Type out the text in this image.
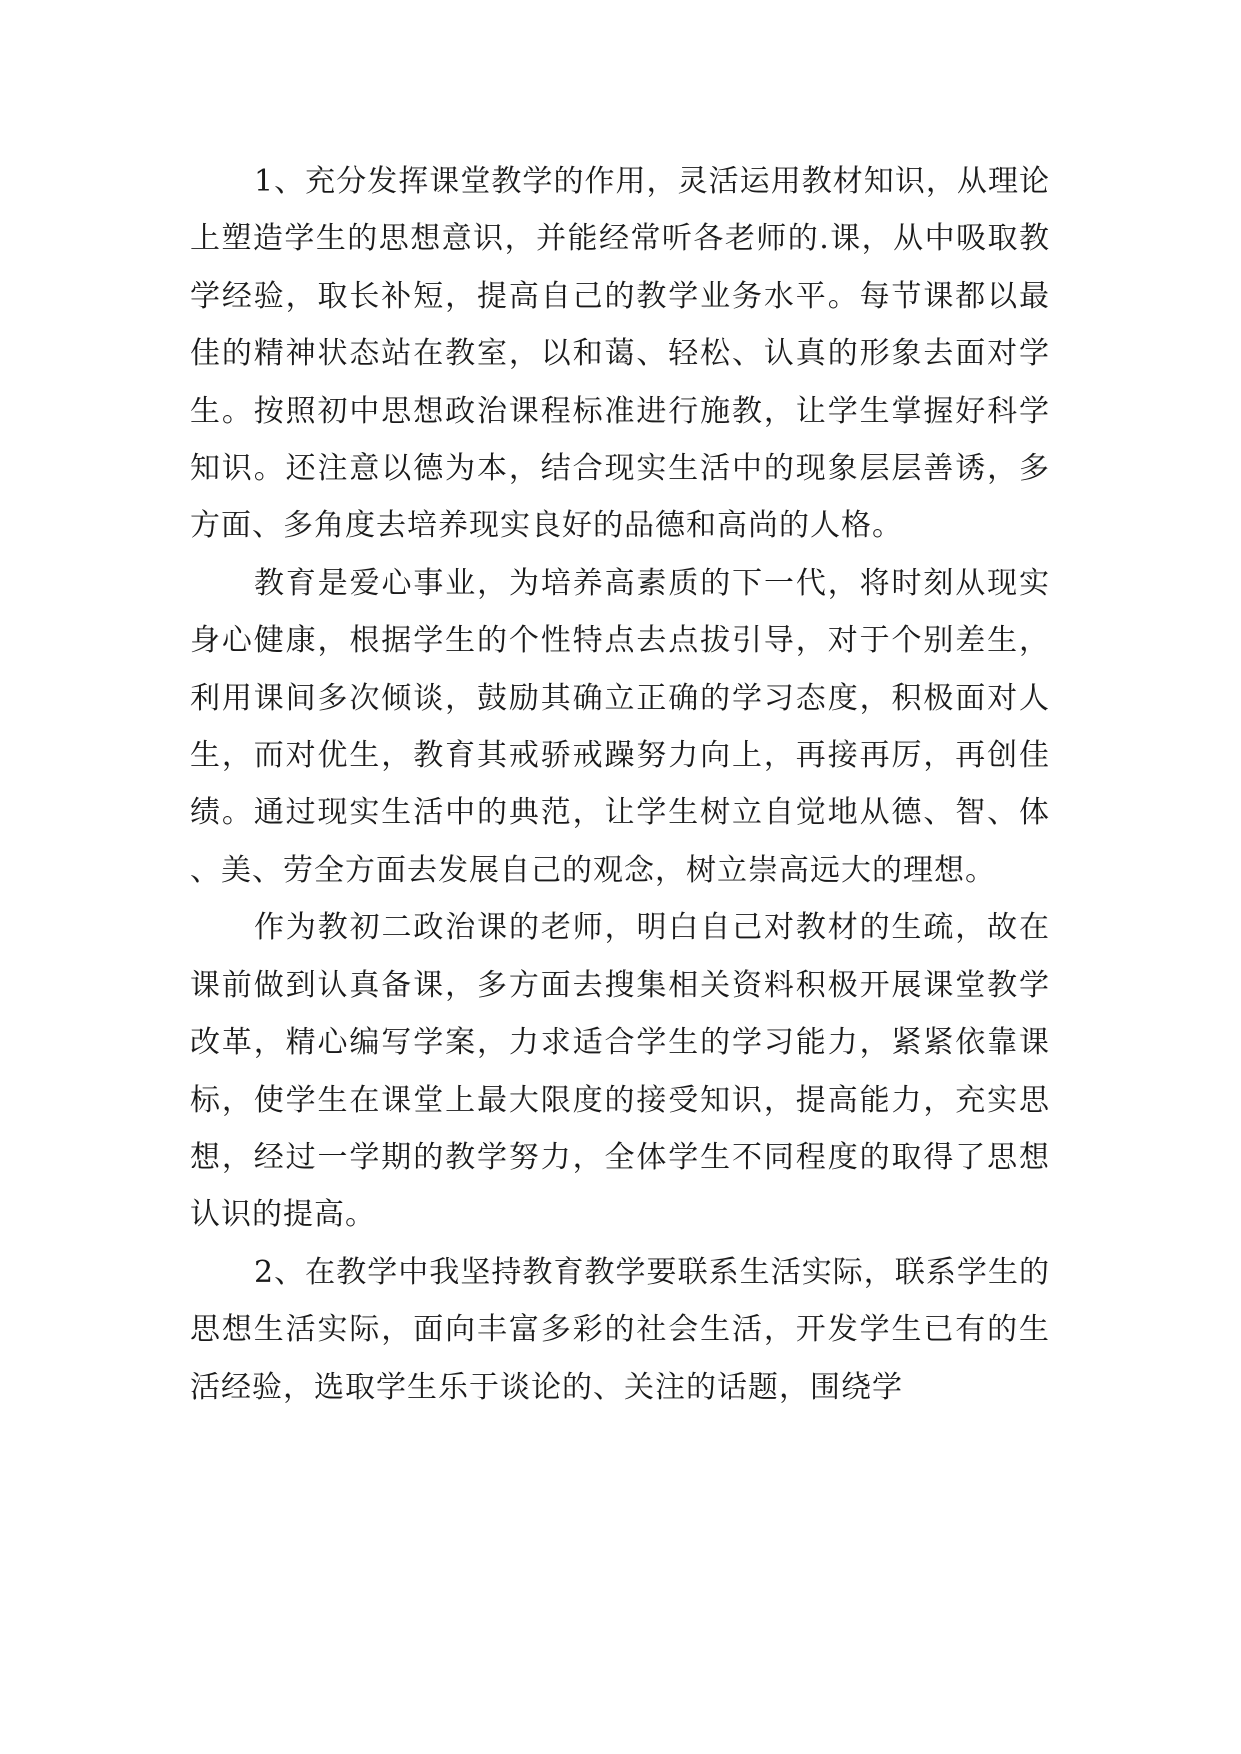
1、充分发挥课堂教学的作用，灵活运用教材知识，从理论上塑造学生的思想意识，并能经常听各老师的.课，从中吸取教学经验，取长补短，提高自己的教学业务水平。每节课都以最佳的精神状态站在教室，以和蔼、轻松、认真的形象去面对学生。按照初中思想政治课程标准进行施教，让学生掌握好科学知识。还注意以德为本，结合现实生活中的现象层层善诱，多方面、多角度去培养现实良好的品德和高尚的人格。

教育是爱心事业，为培养高素质的下一代，将时刻从现实身心健康，根据学生的个性特点去点拔引导，对于个别差生，利用课间多次倾谈，鼓励其确立正确的学习态度，积极面对人生，而对优生，教育其戒骄戒躁努力向上，再接再厉，再创佳绩。通过现实生活中的典范，让学生树立自觉地从德、智、体、美、劳全方面去发展自己的观念，树立崇高远大的理想。

作为教初二政治课的老师，明白自己对教材的生疏，故在课前做到认真备课，多方面去搜集相关资料积极开展课堂教学改革，精心编写学案，力求适合学生的学习能力，紧紧依靠课标，使学生在课堂上最大限度的接受知识，提高能力，充实思想，经过一学期的教学努力，全体学生不同程度的取得了思想认识的提高。

2、在教学中我坚持教育教学要联系生活实际，联系学生的思想生活实际，面向丰富多彩的社会生活，开发学生已有的生活经验，选取学生乐于谈论的、关注的话题，围绕学
